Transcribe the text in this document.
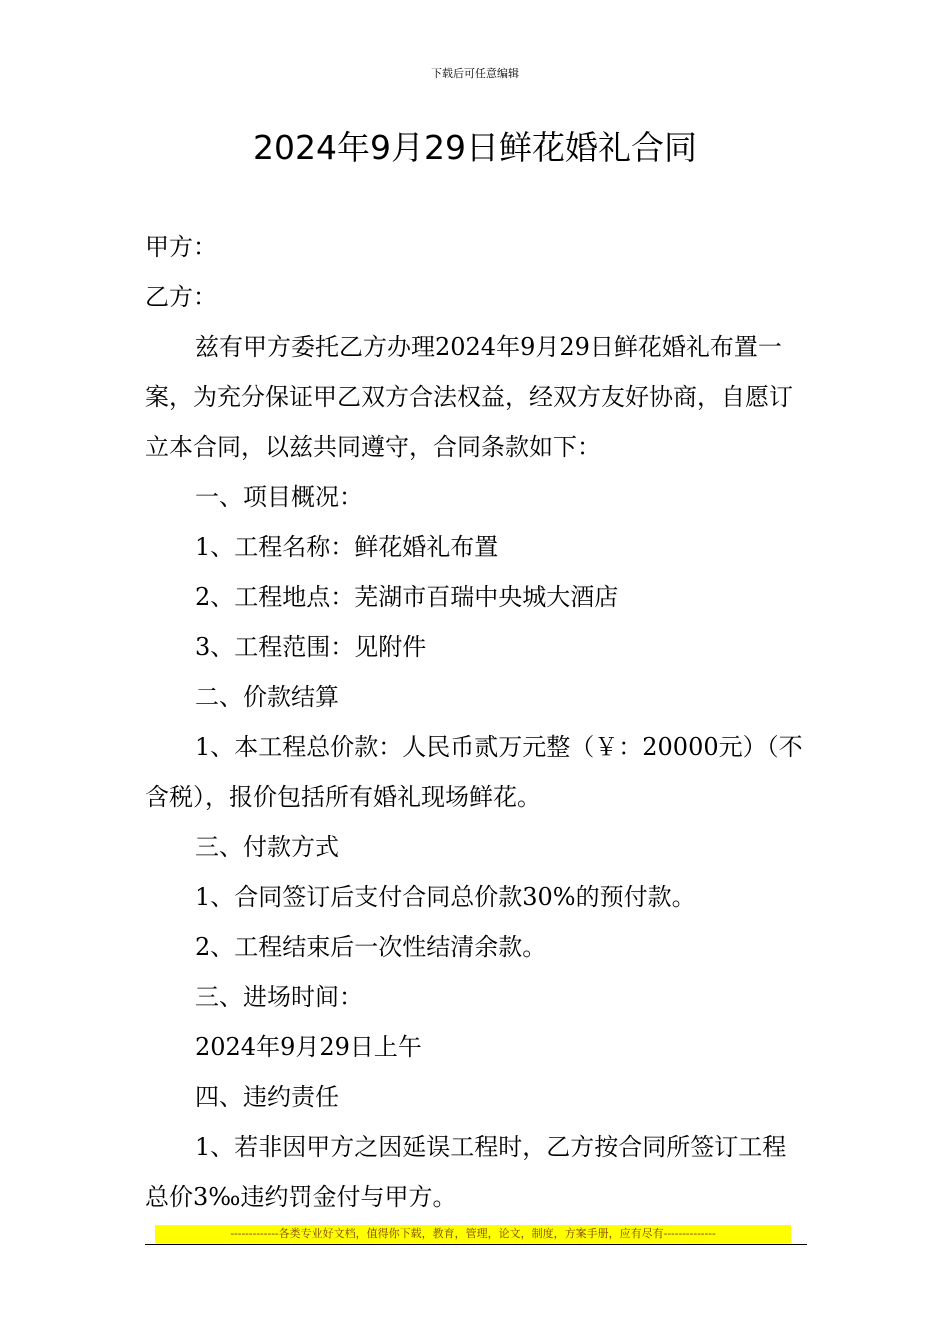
下载后可任意编辑
2024年9月29日鲜花婚礼合同

甲方：

乙方：

兹有甲方委托乙方办理2024年9月29日鲜花婚礼布置一案，为充分保证甲乙双方合法权益，经双方友好协商，自愿订立本合同，以兹共同遵守，合同条款如下：

一、项目概况：

1、工程名称：鲜花婚礼布置

2、工程地点：芜湖市百瑞中央城大酒店

3、工程范围：见附件

二、价款结算

1、本工程总价款：人民币贰万元整（￥：20000元）（不含税），报价包括所有婚礼现场鲜花。

三、付款方式

1、合同签订后支付合同总价款30%的预付款。

2、工程结束后一次性结清余款。

三、进场时间：

2024年9月29日上午

四、违约责任

1、若非因甲方之因延误工程时，乙方按合同所签订工程总价3‰违约罚金付与甲方。

-------------各类专业好文档，值得你下载，教育，管理，论文，制度，方案手册，应有尽有--------------
